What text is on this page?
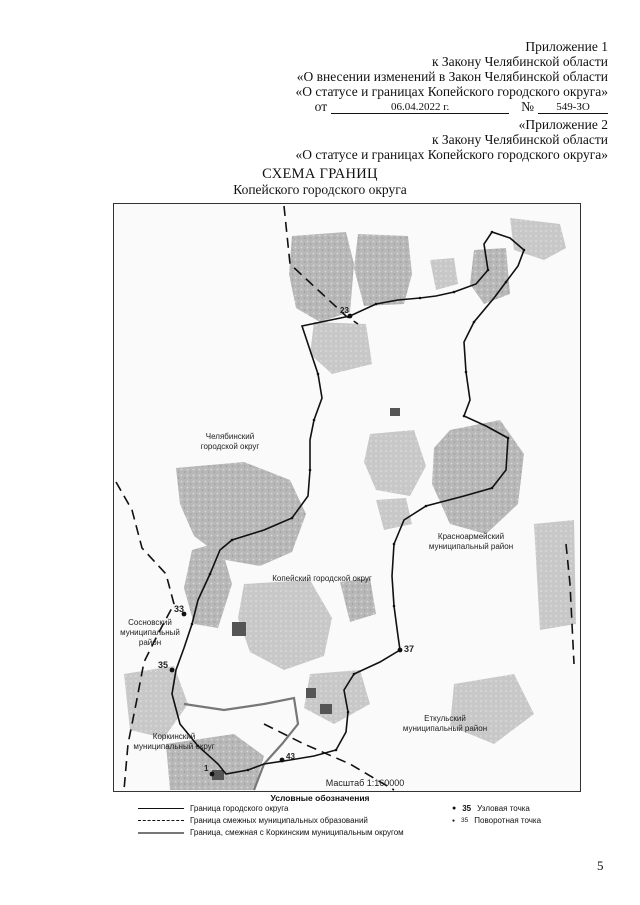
Приложение 1
к Закону Челябинской области
«О внесении изменений в Закон Челябинской области
«О статусе и границах Копейского городского округа»
от	06.04.2022 г.	№	549-ЗО
«Приложение 2
к Закону Челябинской области
«О статусе и границах Копейского городского округа»
СХЕМА ГРАНИЦ
Копейского городского округа
23
33
35
37
43
1
Челябинский
городской округ
Копейский городской округ
Красноармейский
муниципальный район
Сосновский
муниципальный
район
Еткульский
муниципальный район
Коркинский
муниципальный округ
Масштаб 1:160000
Условные обозначения
Граница городского округа
Граница смежных муниципальных образований
Граница, смежная с Коркинским муниципальным округом
● 35 Узловая точка
● 35 Поворотная точка
5
